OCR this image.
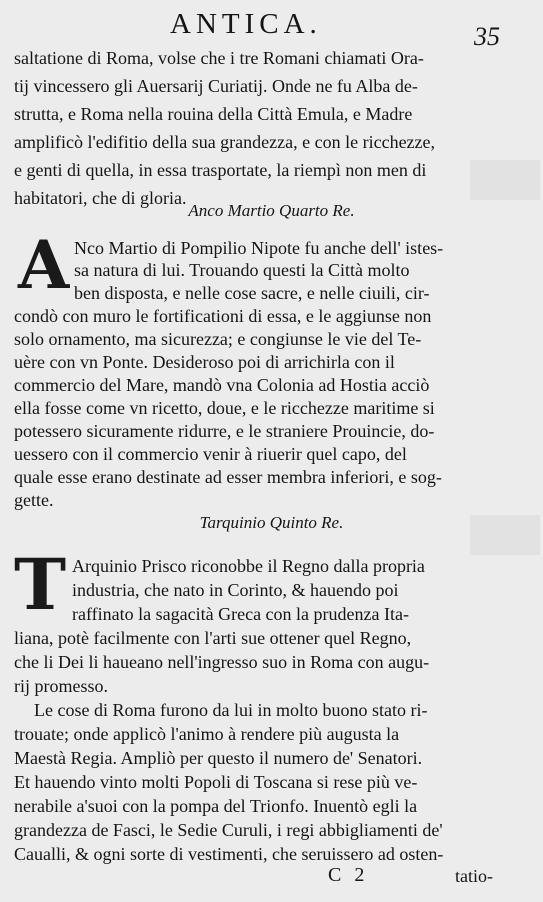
ANTICA.	35
saltatione di Roma, volse che i tre Romani chiamati Ora-
tij vincessero gli Auersarij Curiatij. Onde ne fu Alba de-
strutta, e Roma nella rouina della Città Emula, e Madre
amplificò l'edifitio della sua grandezza, e con le ricchezze,
e genti di quella, in essa trasportate, la riempì non men di
habitatori, che di gloria.
Anco Martio Quarto Re.
A Nco Martio di Pompilio Nipote fu anche dell' istes-
sa natura di lui. Trouando questi la Città molto
ben disposta, e nelle cose sacre, e nelle ciuili, cir-
condò con muro le fortificationi di essa, e le aggiunse non
solo ornamento, ma sicurezza; e congiunse le vie del Te-
uère con vn Ponte. Desideroso poi di arrichirla con il
commercio del Mare, mandò vna Colonia ad Hostia acciò
ella fosse come vn ricetto, doue, e le ricchezze maritime si
potessero sicuramente ridurre, e le straniere Prouincie, do-
uessero con il commercio venir à riuerir quel capo, del
quale esse erano destinate ad esser membra inferiori, e sog-
gette.
Tarquinio Quinto Re.
T Arquinio Prisco riconobbe il Regno dalla propria
industria, che nato in Corinto, & hauendo poi
raffinato la sagacità Greca con la prudenza Ita-
liana, potè facilmente con l'arti sue ottener quel Regno,
che li Dei li haueano nell'ingresso suo in Roma con augu-
rij promesso.
Le cose di Roma furono da lui in molto buono stato ri-
trouate; onde applicò l'animo à rendere più augusta la
Maestà Regia. Ampliò per questo il numero de' Senatori.
Et hauendo vinto molti Popoli di Toscana si rese più ve-
nerabile a'suoi con la pompa del Trionfo. Inuentò egli la
grandezza de Fasci, le Sedie Curuli, i regi abbigliamenti de'
Caualli, & ogni sorte di vestimenti, che seruissero ad osten-
C 2	tatio-
